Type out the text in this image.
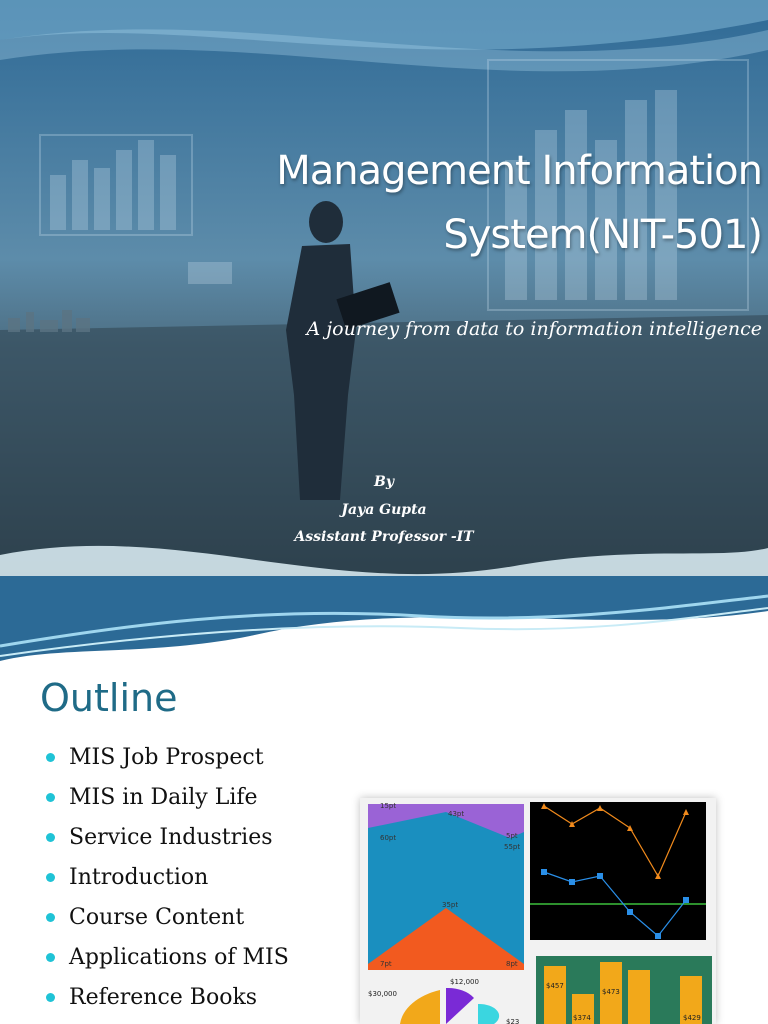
Management Information
System(NIT-501)
A journey from data to information intelligence
By
Jaya Gupta
Assistant Professor -IT
Outline
MIS Job Prospect
MIS in Daily Life
Service Industries
Introduction
Course Content
Applications of MIS
Reference Books
15pt
43pt
5pt
60pt
55pt
35pt
7pt	8pt
$457
$473
$374	$429
$12,000
$30,000
$23
